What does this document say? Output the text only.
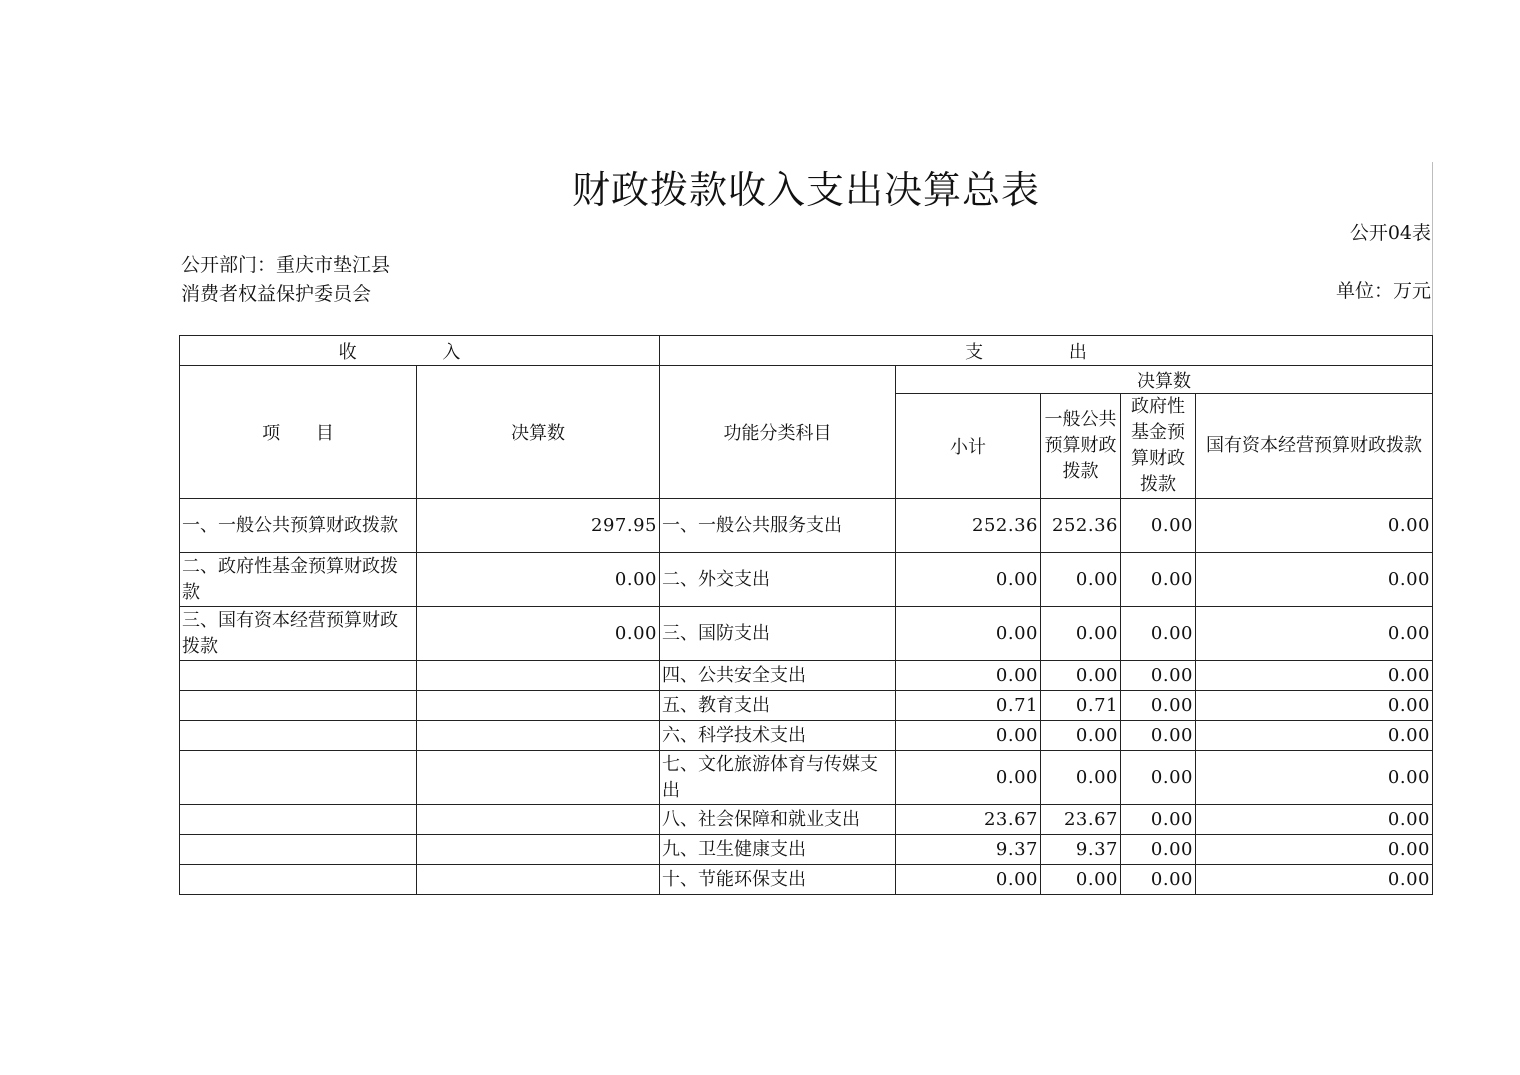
财政拨款收入支出决算总表
公开04表
公开部门：重庆市垫江县消费者权益保护委员会	单位：万元
收 入		支 出				
项 目	决算数	功能分类科目	决算数			
			小计	一般公共预算财政拨款	政府性基金预算财政拨款	国有资本经营预算财政拨款
一、一般公共预算财政拨款	297.95	一、一般公共服务支出	252.36	252.36	0.00	0.00
二、政府性基金预算财政拨款	0.00	二、外交支出	0.00	0.00	0.00	0.00
三、国有资本经营预算财政拨款	0.00	三、国防支出	0.00	0.00	0.00	0.00
		四、公共安全支出	0.00	0.00	0.00	0.00
		五、教育支出	0.71	0.71	0.00	0.00
		六、科学技术支出	0.00	0.00	0.00	0.00
		七、文化旅游体育与传媒支出	0.00	0.00	0.00	0.00
		八、社会保障和就业支出	23.67	23.67	0.00	0.00
		九、卫生健康支出	9.37	9.37	0.00	0.00
		十、节能环保支出	0.00	0.00	0.00	0.00
